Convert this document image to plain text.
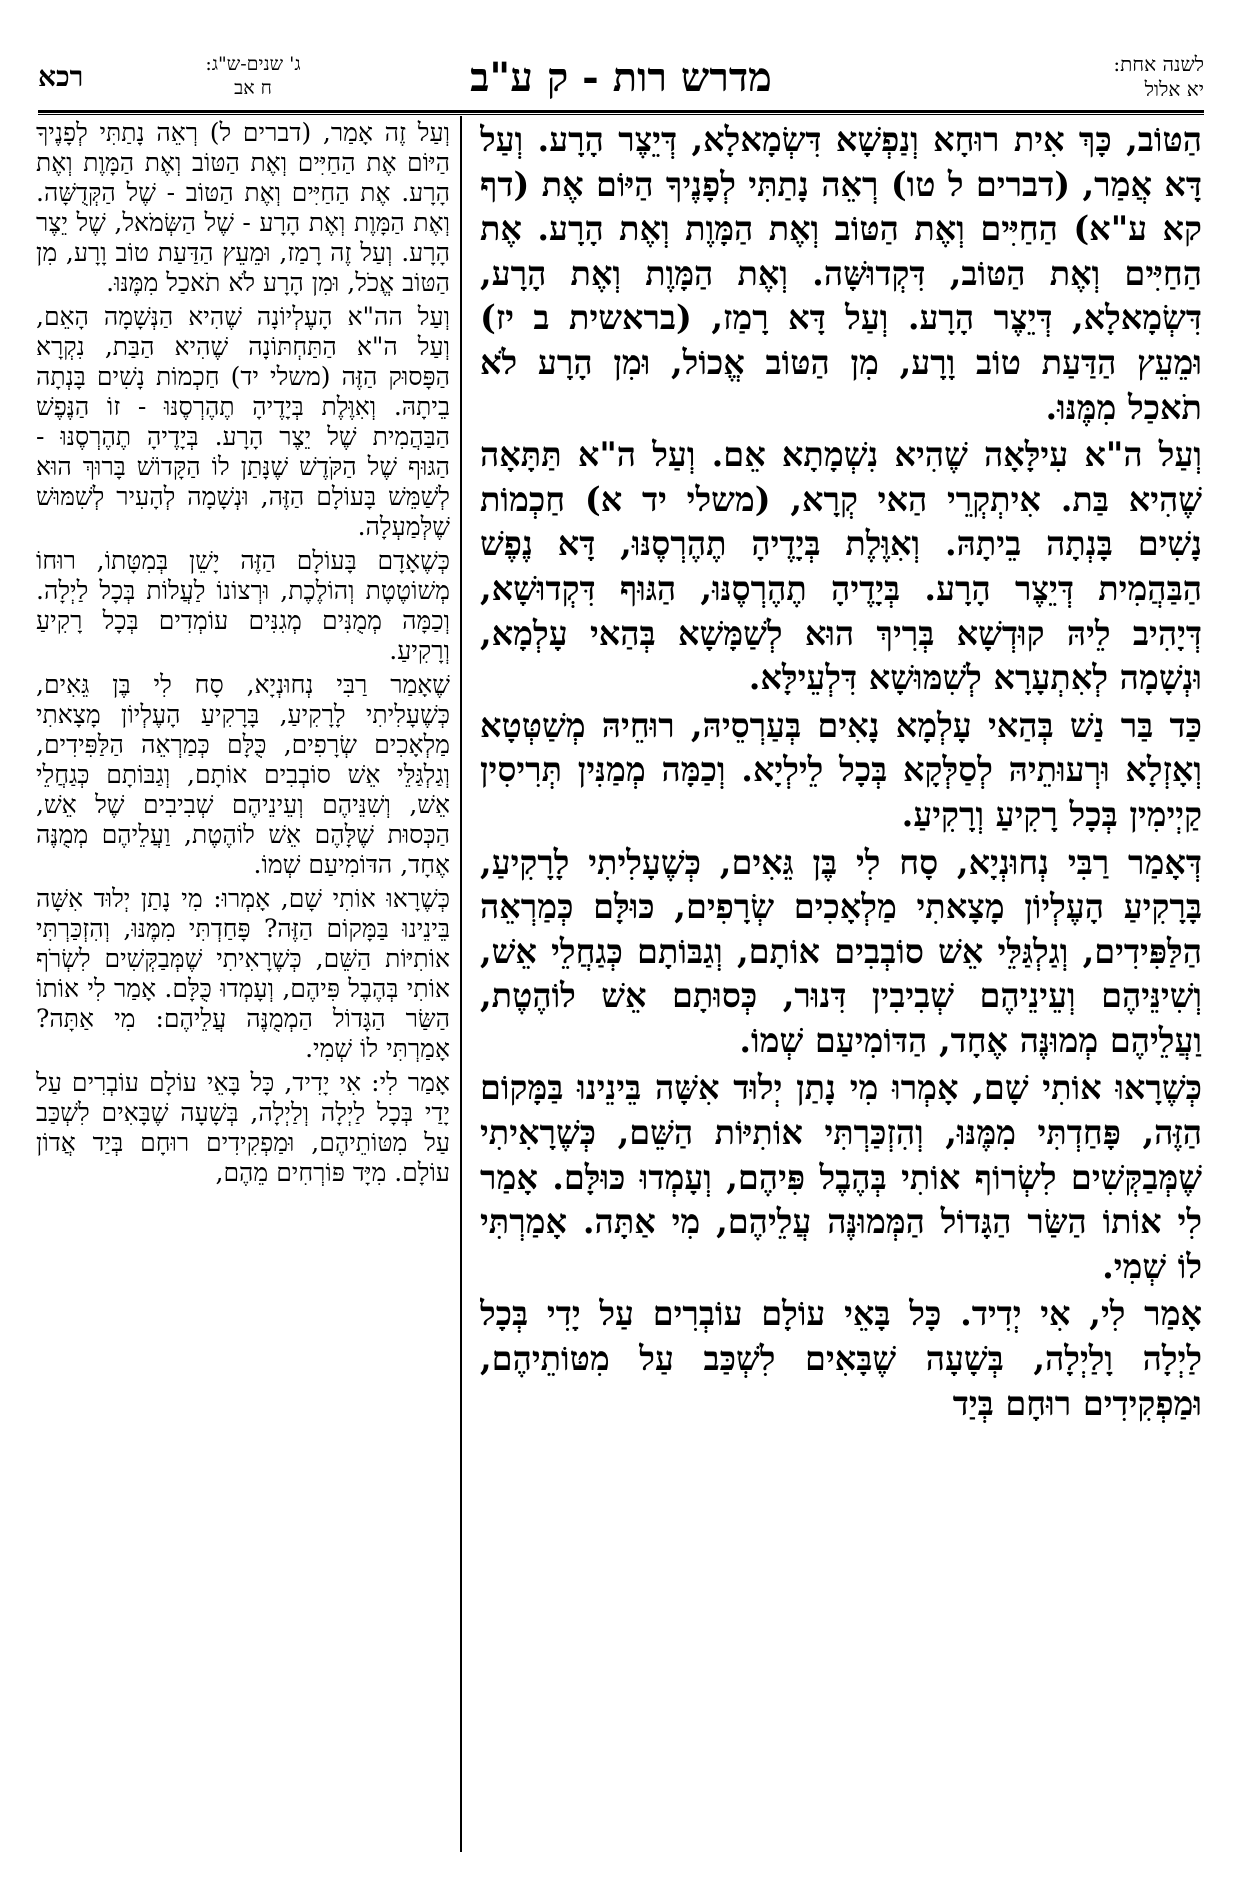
לשנה אחת:
יא אלול
מדרש רות - ק ע"ב
רכא	ג' שנים-ש"ג:
ח אב

הַטּוֹב, כָּךְ אִית רוּחָא וְנַפְשָׁא דִּשְׂמָאלָא, דְּיֵצֶר הָרָע. וְעַל דָּא אֲמַר, (דברים ל טו) רְאֵה נָתַתִּי לְפָנֶיךָ הַיּוֹם אֶת (דף קא ע"א) הַחַיִּים וְאֶת הַטּוֹב וְאֶת הַמָּוֶת וְאֶת הָרָע. אֶת הַחַיִּים וְאֶת הַטּוֹב, דִּקְדוּשָּׁה. וְאֶת הַמָּוֶת וְאֶת הָרָע, דִּשְׂמָאלָא, דְּיֵצֶר הָרָע. וְעַל דָּא רָמַז, (בראשית ב יז) וּמֵעֵץ הַדַּעַת טוֹב וָרָע, מִן הַטּוֹב אֱכוֹל, וּמִן הָרָע לֹא תֹאכַל מִמֶּנּוּ.

וְעַל ה"א עִילָּאָה שֶׁהִיא נִשְׁמָתָא אֵם. וְעַל ה"א תַּתָּאָה שֶׁהִיא בַּת. אִיתְקְרֵי הַאי קְרָא, (משלי יד א) חַכְמוֹת נָשִׁים בָּנְתָה בֵיתָהּ. וְאִוֶּלֶת בְּיָדֶיהָ תֶהֶרְסֶנּוּ, דָּא נֶפֶשׁ הַבַּהֲמִית דְּיֵצֶר הָרָע. בְּיָדֶיהָ תֶהֶרְסֶנּוּ, הַגּוּף דִּקְדוּשָׁא, דְּיָהִיב לֵיהּ קוּדְשָׁא בְּרִיךְ הוּא לְשַׁמָּשָׁא בְּהַאי עָלְמָא, וּנְשָׁמָה לְאִתְעָרָא לְשִׁמּוּשָׁא דִּלְעֵילָּא.

כַּד בַּר נַשׁ בְּהַאי עָלְמָא נָאִים בְּעַרְסֵיהּ, רוּחֵיהּ מְשַׁטְּטָא וְאָזְלָא וּרְעוּתֵיהּ לְסַלְּקָא בְּכָל לֵילְיָא. וְכַמָּה מְמַנִּין תְּרִיסִין קַיְימִין בְּכָל רָקִיעַ וְרָקִיעַ.

דְּאָמַר רַבִּי נְחוּנְיָא, סָח לִי בֶּן גֵּאִים, כְּשֶׁעָלִיתִי לָרָקִיעַ, בָּרָקִיעַ הָעֶלְיוֹן מָצָאתִי מַלְאָכִים שְׂרָפִים, כּוּלָּם כְּמַרְאֵה הַלַּפִּידִים, וְגַלְגַּלֵּי אֵשׁ סוֹבְבִים אוֹתָם, וְגַבּוֹתָם כְּגַחֲלֵי אֵשׁ, וְשִׁינֵּיהֶם וְעֵינֵיהֶם שְׁבִיבִין דִּנוּר, כְּסוּתָם אֵשׁ לוֹהֶטֶת, וַעֲלֵיהֶם מְמוּנֶּה אֶחָד, הַדּוֹמִיעַם שְׁמוֹ.

כְּשֶׁרָאוּ אוֹתִי שָׁם, אָמְרוּ מִי נָתַן יְלוּד אִשָּׁה בֵּינֵינוּ בַּמָּקוֹם הַזֶּה, פָּחַדְתִּי מִמֶּנּוּ, וְהִזְכַּרְתִּי אוֹתִיּוֹת הַשֵּׁם, כְּשֶׁרָאִיתִי שֶׁמְּבַקְּשִׁים לִשְׂרוֹף אוֹתִי בְּהֶבֶל פִּיהֶם, וְעָמְדוּ כּוּלָּם. אָמַר לִי אוֹתוֹ הַשַּׂר הַגָּדוֹל הַמְּמוּנֶּה עֲלֵיהֶם, מִי אַתָּה. אָמַרְתִּי לוֹ שְׁמִי.

אָמַר לִי, אִי יְדִיד. כָּל בָּאֵי עוֹלָם עוֹבְרִים עַל יָדִי בְּכָל לַיְלָה וָלַיְלָה, בְּשָׁעָה שֶׁבָּאִים לִשְׁכַּב עַל מִטּוֹתֵיהֶם, וּמַפְקִידִים רוּחָם בְּיַד

וְעַל זֶה אָמַר, (דברים ל) רְאֵה נָתַתִּי לְפָנֶיךָ הַיּוֹם אֶת הַחַיִּים וְאֶת הַטּוֹב וְאֶת הַמָּוֶת וְאֶת הָרָע. אֶת הַחַיִּים וְאֶת הַטּוֹב - שֶׁל הַקְּדֻשָּׁה. וְאֶת הַמָּוֶת וְאֶת הָרָע - שֶׁל הַשְּׂמֹאל, שֶׁל יֵצֶר הָרָע. וְעַל זֶה רָמַז, וּמֵעֵץ הַדַּעַת טוֹב וָרָע, מִן הַטּוֹב אֱכֹל, וּמִן הָרָע לֹא תֹאכַל מִמֶּנּוּ.

וְעַל הה"א הָעֶלְיוֹנָה שֶׁהִיא הַנְּשָׁמָה הָאֵם, וְעַל ה"א הַתַּחְתּוֹנָה שֶׁהִיא הַבַּת, נִקְרָא הַפָּסוּק הַזֶּה (משלי יד) חַכְמוֹת נָשִׁים בָּנְתָה בֵיתָהּ. וְאִוֶּלֶת בְּיָדֶיהָ תֶהֶרְסֶנּוּ - זוֹ הַנֶּפֶשׁ הַבַּהֲמִית שֶׁל יֵצֶר הָרָע. בְּיָדֶיהָ תֶהֶרְסֶנּוּ - הַגּוּף שֶׁל הַקֹּדֶשׁ שֶׁנָּתַן לוֹ הַקָּדוֹשׁ בָּרוּךְ הוּא לְשַׁמֵּשׁ בָּעוֹלָם הַזֶּה, וּנְשָׁמָה לְהָעִיר לְשִׁמּוּשׁ שֶׁלְּמַעְלָה.

כְּשֶׁאָדָם בָּעוֹלָם הַזֶּה יָשֵׁן בְּמִטָּתוֹ, רוּחוֹ מְשׁוֹטֶטֶת וְהוֹלֶכֶת, וּרְצוֹנוֹ לַעֲלוֹת בְּכָל לַיְלָה. וְכַמָּה מְמֻנִּים מְגִנִּים עוֹמְדִים בְּכָל רָקִיעַ וְרָקִיעַ.

שֶׁאָמַר רַבִּי נְחוּנְיָא, סָח לִי בֶּן גֵּאִים, כְּשֶׁעָלִיתִי לָרָקִיעַ, בָּרָקִיעַ הָעֶלְיוֹן מָצָאתִי מַלְאָכִים שְׂרָפִים, כֻּלָּם כְּמַרְאֵה הַלַּפִּידִים, וְגַלְגַּלֵּי אֵשׁ סוֹבְבִים אוֹתָם, וְגַבּוֹתָם כְּגַחֲלֵי אֵשׁ, וְשִׁנֵּיהֶם וְעֵינֵיהֶם שְׁבִיבִים שֶׁל אֵשׁ, הַכְּסוּת שֶׁלָּהֶם אֵשׁ לוֹהֶטֶת, וַעֲלֵיהֶם מְמֻנֶּה אֶחָד, הדּוֹמִיעַם שְׁמוֹ.

כְּשֶׁרָאוּ אוֹתִי שָׁם, אָמְרוּ: מִי נָתַן יְלוּד אִשָּׁה בֵּינֵינוּ בַּמָּקוֹם הַזֶּה? פָּחַדְתִּי מִמֶּנּוּ, וְהִזְכַּרְתִּי אוֹתִיּוֹת הַשֵּׁם, כְּשֶׁרָאִיתִי שֶׁמְּבַקְּשִׁים לִשְׂרֹף אוֹתִי בְּהֶבֶל פִּיהֶם, וְעָמְדוּ כֻּלָּם. אָמַר לִי אוֹתוֹ הַשַּׂר הַגָּדוֹל הַמְמֻנֶּה עֲלֵיהֶם: מִי אַתָּה? אָמַרְתִּי לוֹ שְׁמִי.

אָמַר לִי: אִי יָדִיד, כָּל בָּאֵי עוֹלָם עוֹבְרִים עַל יָדַי בְּכָל לַיְלָה וְלַיְלָה, בְּשָׁעָה שֶׁבָּאִים לִשְׁכַּב עַל מִטּוֹתֵיהֶם, וּמַפְקִידִים רוּחָם בְּיַד אֲדוֹן עוֹלָם. מִיָּד פּוֹרְחִים מֵהֶם,
